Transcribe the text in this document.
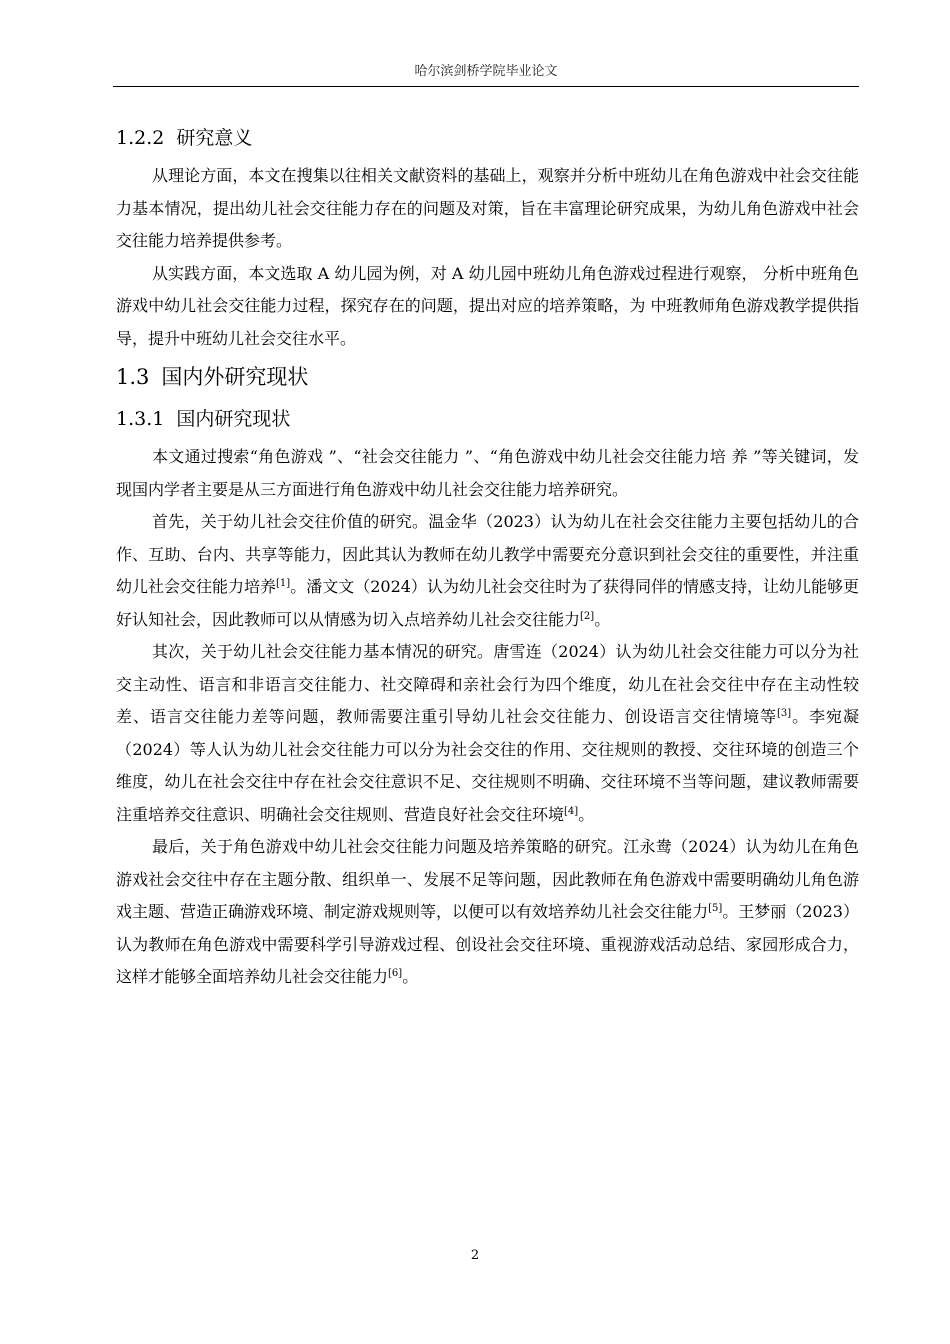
哈尔滨剑桥学院毕业论文
1.2.2 研究意义

从理论方面，本文在搜集以往相关文献资料的基础上，观察并分析中班幼儿在角色游戏中社会交往能力基本情况，提出幼儿社会交往能力存在的问题及对策，旨在丰富理论研究成果，为幼儿角色游戏中社会交往能力培养提供参考。

从实践方面，本文选取 A 幼儿园为例，对 A 幼儿园中班幼儿角色游戏过程进行观察， 分析中班角色游戏中幼儿社会交往能力过程，探究存在的问题，提出对应的培养策略，为 中班教师角色游戏教学提供指导，提升中班幼儿社会交往水平。

1.3 国内外研究现状
1.3.1 国内研究现状

本文通过搜索“角色游戏 ”、“社会交往能力 ”、“角色游戏中幼儿社会交往能力培 养 ”等关键词，发现国内学者主要是从三方面进行角色游戏中幼儿社会交往能力培养研究。

首先，关于幼儿社会交往价值的研究。温金华（2023）认为幼儿在社会交往能力主要包括幼儿的合作、互助、台内、共享等能力，因此其认为教师在幼儿教学中需要充分意识到社会交往的重要性，并注重幼儿社会交往能力培养[1]。潘文文（2024）认为幼儿社会交往时为了获得同伴的情感支持，让幼儿能够更好认知社会，因此教师可以从情感为切入点培养幼儿社会交往能力[2]。

其次，关于幼儿社会交往能力基本情况的研究。唐雪连（2024）认为幼儿社会交往能力可以分为社交主动性、语言和非语言交往能力、社交障碍和亲社会行为四个维度，幼儿在社会交往中存在主动性较差、语言交往能力差等问题，教师需要注重引导幼儿社会交往能力、创设语言交往情境等[3]。李宛凝（2024）等人认为幼儿社会交往能力可以分为社会交往的作用、交往规则的教授、交往环境的创造三个维度，幼儿在社会交往中存在社会交往意识不足、交往规则不明确、交往环境不当等问题，建议教师需要注重培养交往意识、明确社会交往规则、营造良好社会交往环境[4]。

最后，关于角色游戏中幼儿社会交往能力问题及培养策略的研究。江永鸯（2024）认为幼儿在角色游戏社会交往中存在主题分散、组织单一、发展不足等问题，因此教师在角色游戏中需要明确幼儿角色游戏主题、营造正确游戏环境、制定游戏规则等，以便可以有效培养幼儿社会交往能力[5]。王梦丽（2023）认为教师在角色游戏中需要科学引导游戏过程、创设社会交往环境、重视游戏活动总结、家园形成合力，这样才能够全面培养幼儿社会交往能力[6]。

2
